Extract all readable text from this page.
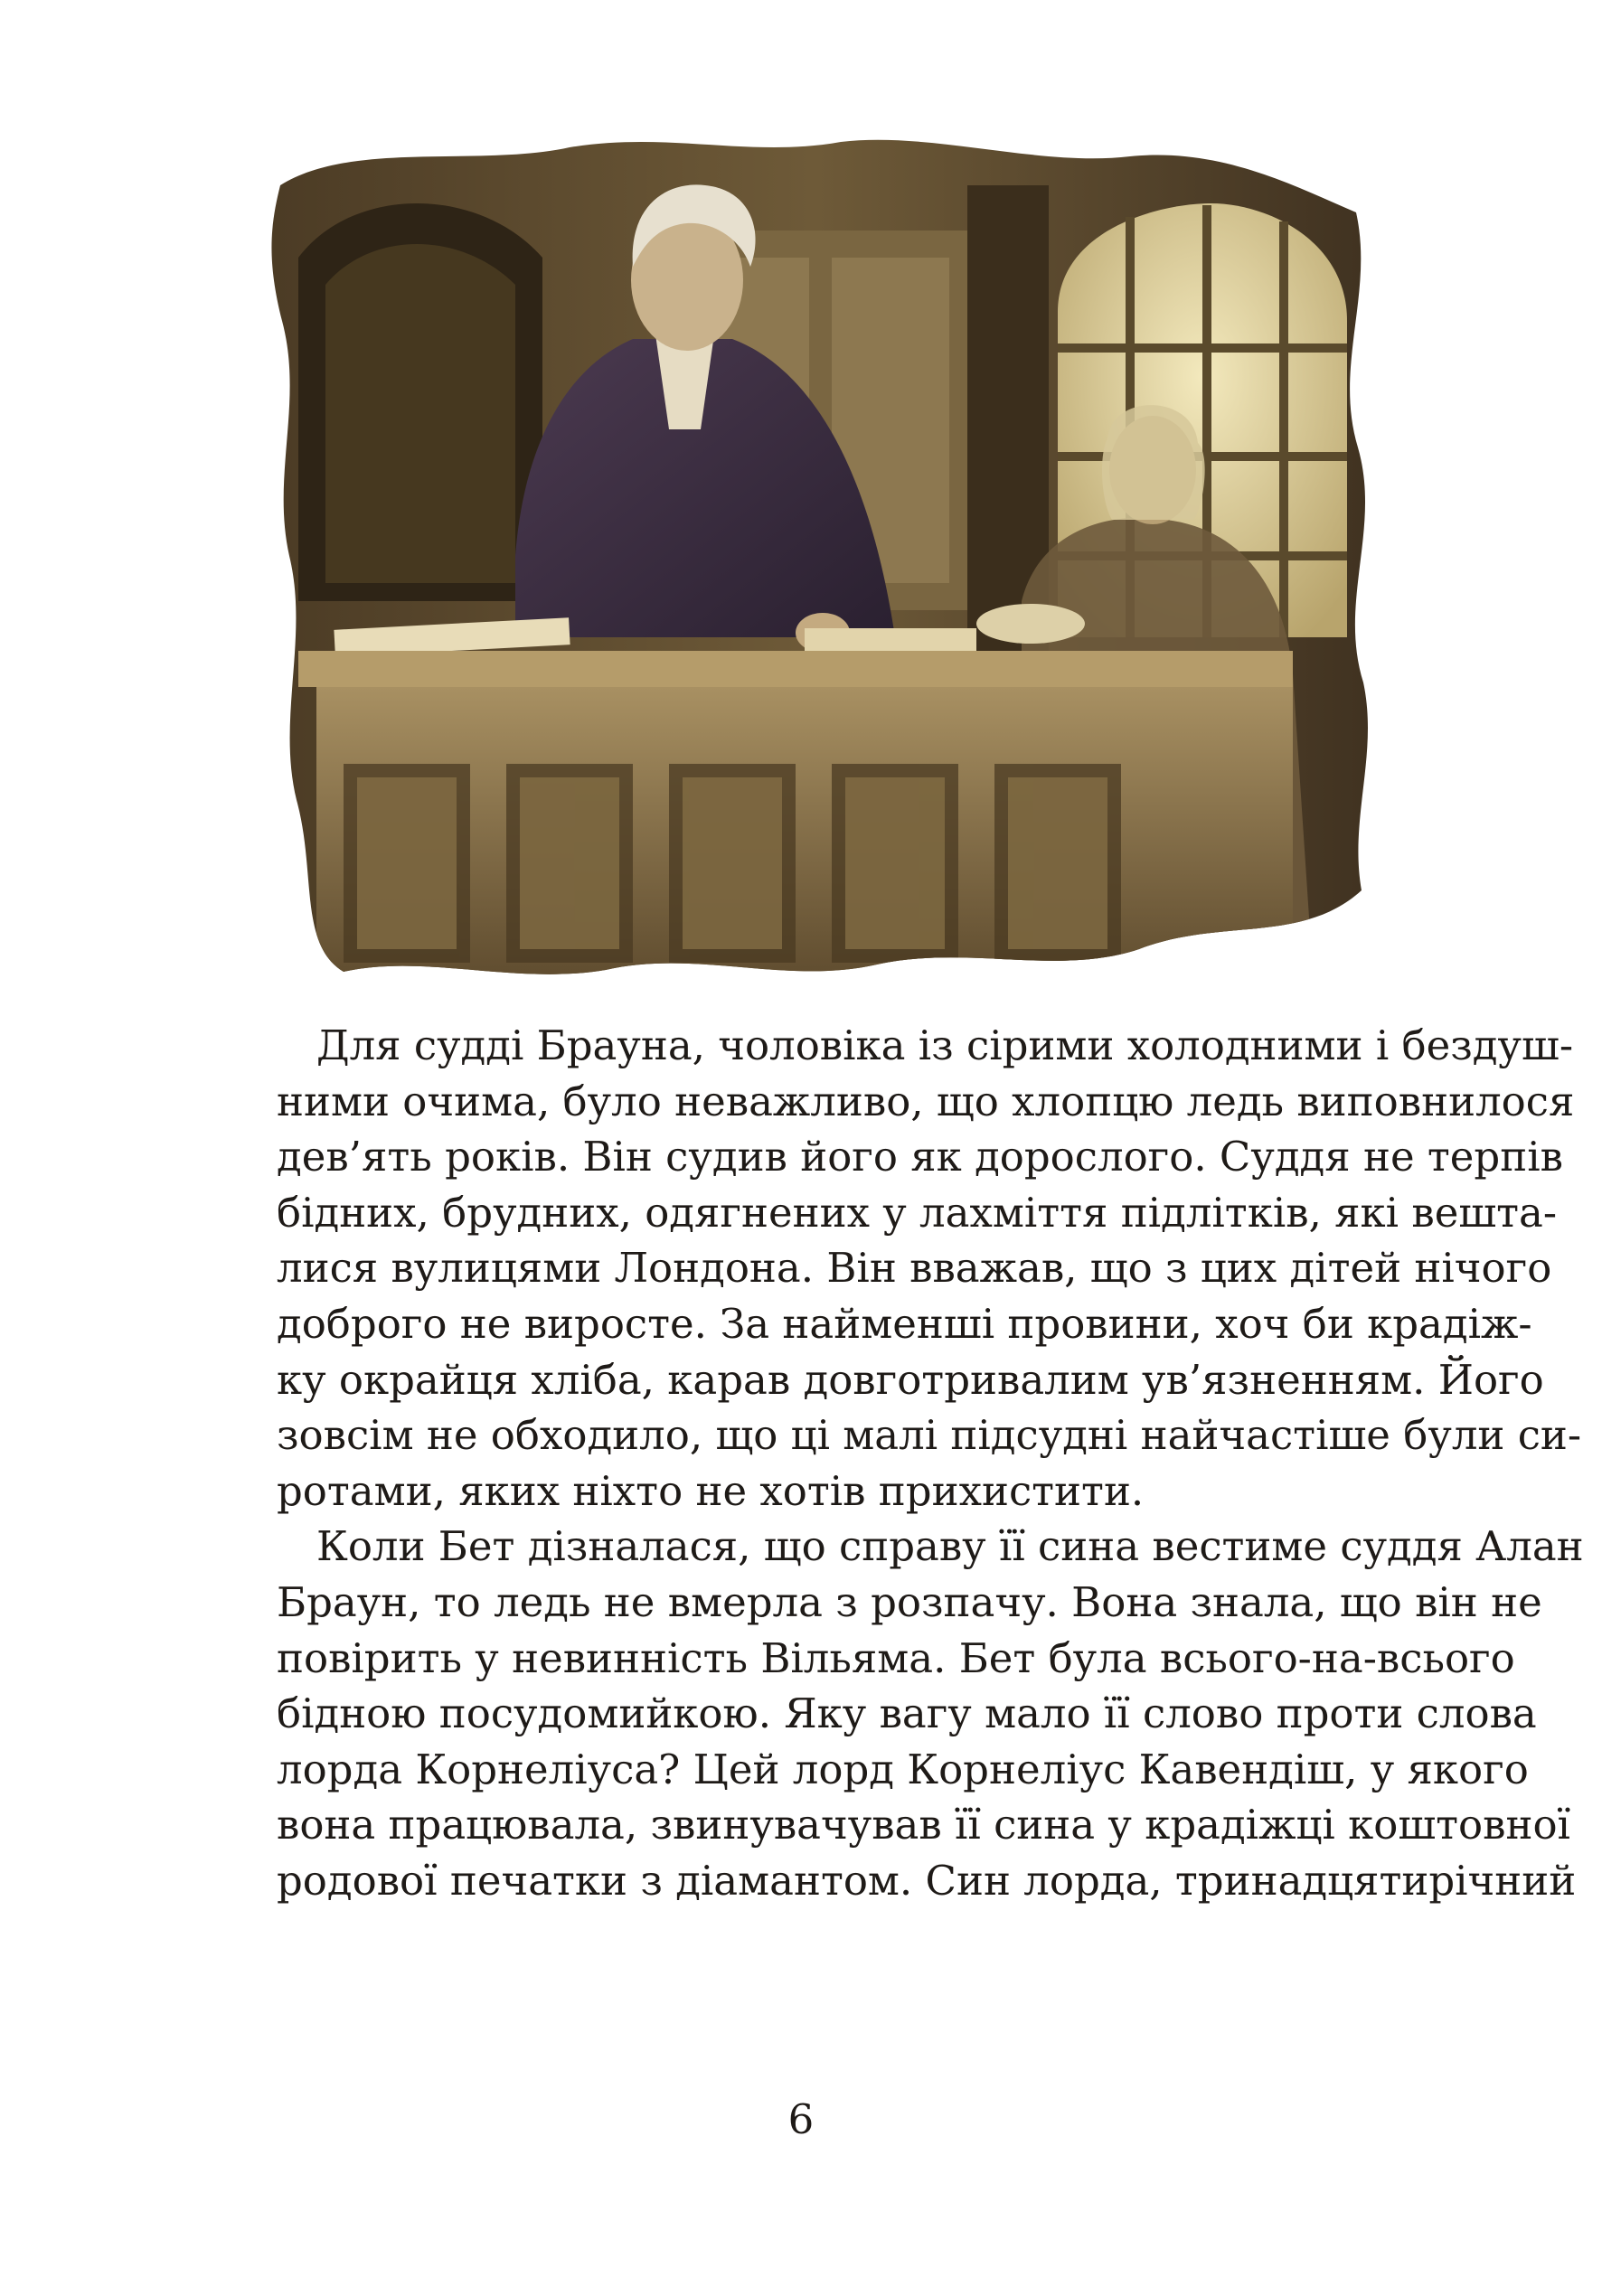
Для судді Брауна, чоловіка із сірими холодними і бездуш-
ними очима, було неважливо, що хлопцю ледь виповнилося
дев’ять років. Він судив його як дорослого. Суддя не терпів
бідних, брудних, одягнених у лахміття підлітків, які вешта-
лися вулицями Лондона. Він вважав, що з цих дітей нічого
доброго не виросте. За найменші провини, хоч би крадіж-
ку окрайця хліба, карав довготривалим ув’язненням. Його
зовсім не обходило, що ці малі підсудні найчастіше були си-
ротами, яких ніхто не хотів прихистити.

Коли Бет дізналася, що справу її сина вестиме суддя Алан
Браун, то ледь не вмерла з розпачу. Вона знала, що він не
повірить у невинність Вільяма. Бет була всього-на-всього
бідною посудомийкою. Яку вагу мало її слово проти слова
лорда Корнеліуса? Цей лорд Корнеліус Кавендіш, у якого
вона працювала, звинувачував її сина у крадіжці коштовної
родової печатки з діамантом. Син лорда, тринадцятирічний

6
